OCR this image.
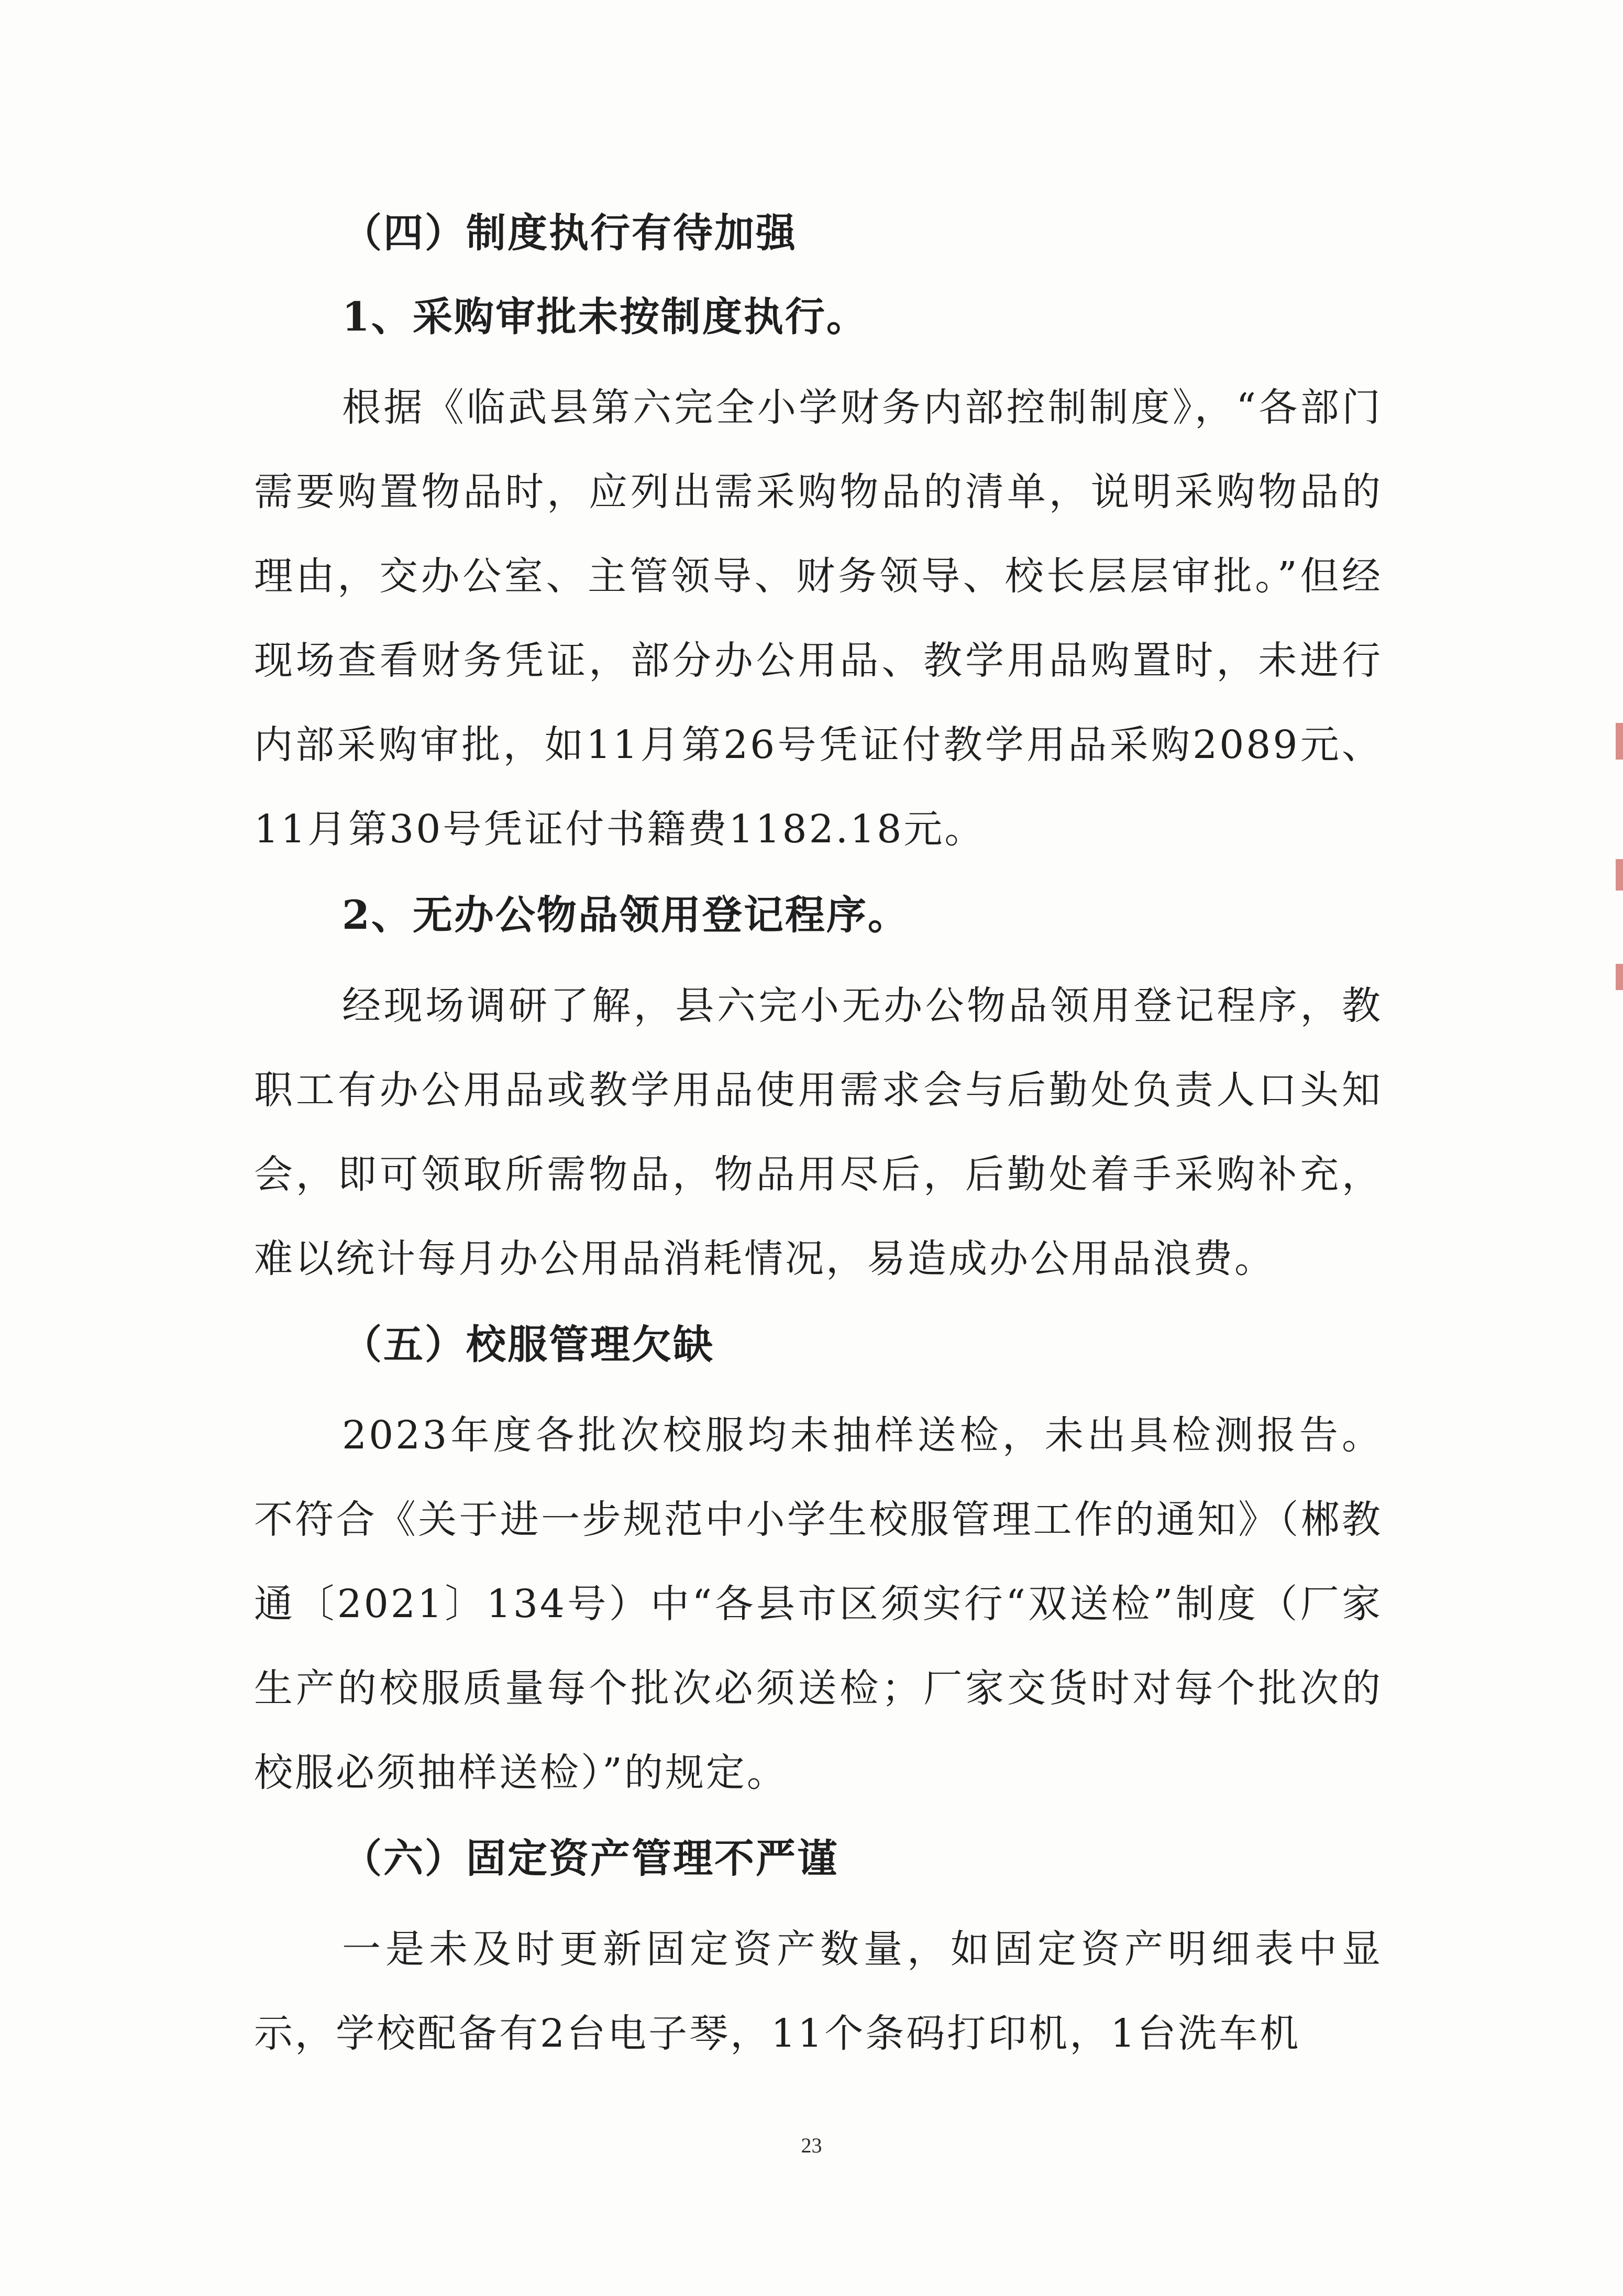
（四）制度执行有待加强
1、采购审批未按制度执行。

根据《临武县第六完全小学财务内部控制制度》，“各部门需要购置物品时，应列出需采购物品的清单，说明采购物品的理由，交办公室、主管领导、财务领导、校长层层审批。”但经现场查看财务凭证，部分办公用品、教学用品购置时，未进行内部采购审批，如11月第26号凭证付教学用品采购2089元、11月第30号凭证付书籍费1182.18元。

2、无办公物品领用登记程序。

经现场调研了解，县六完小无办公物品领用登记程序，教职工有办公用品或教学用品使用需求会与后勤处负责人口头知会，即可领取所需物品，物品用尽后，后勤处着手采购补充，难以统计每月办公用品消耗情况，易造成办公用品浪费。

（五）校服管理欠缺

2023年度各批次校服均未抽样送检，未出具检测报告。不符合《关于进一步规范中小学生校服管理工作的通知》（郴教通〔2021〕134号）中“各县市区须实行“双送检”制度（厂家生产的校服质量每个批次必须送检；厂家交货时对每个批次的校服必须抽样送检）”的规定。

（六）固定资产管理不严谨

一是未及时更新固定资产数量，如固定资产明细表中显示，学校配备有2台电子琴，11个条码打印机，1台洗车机

23
